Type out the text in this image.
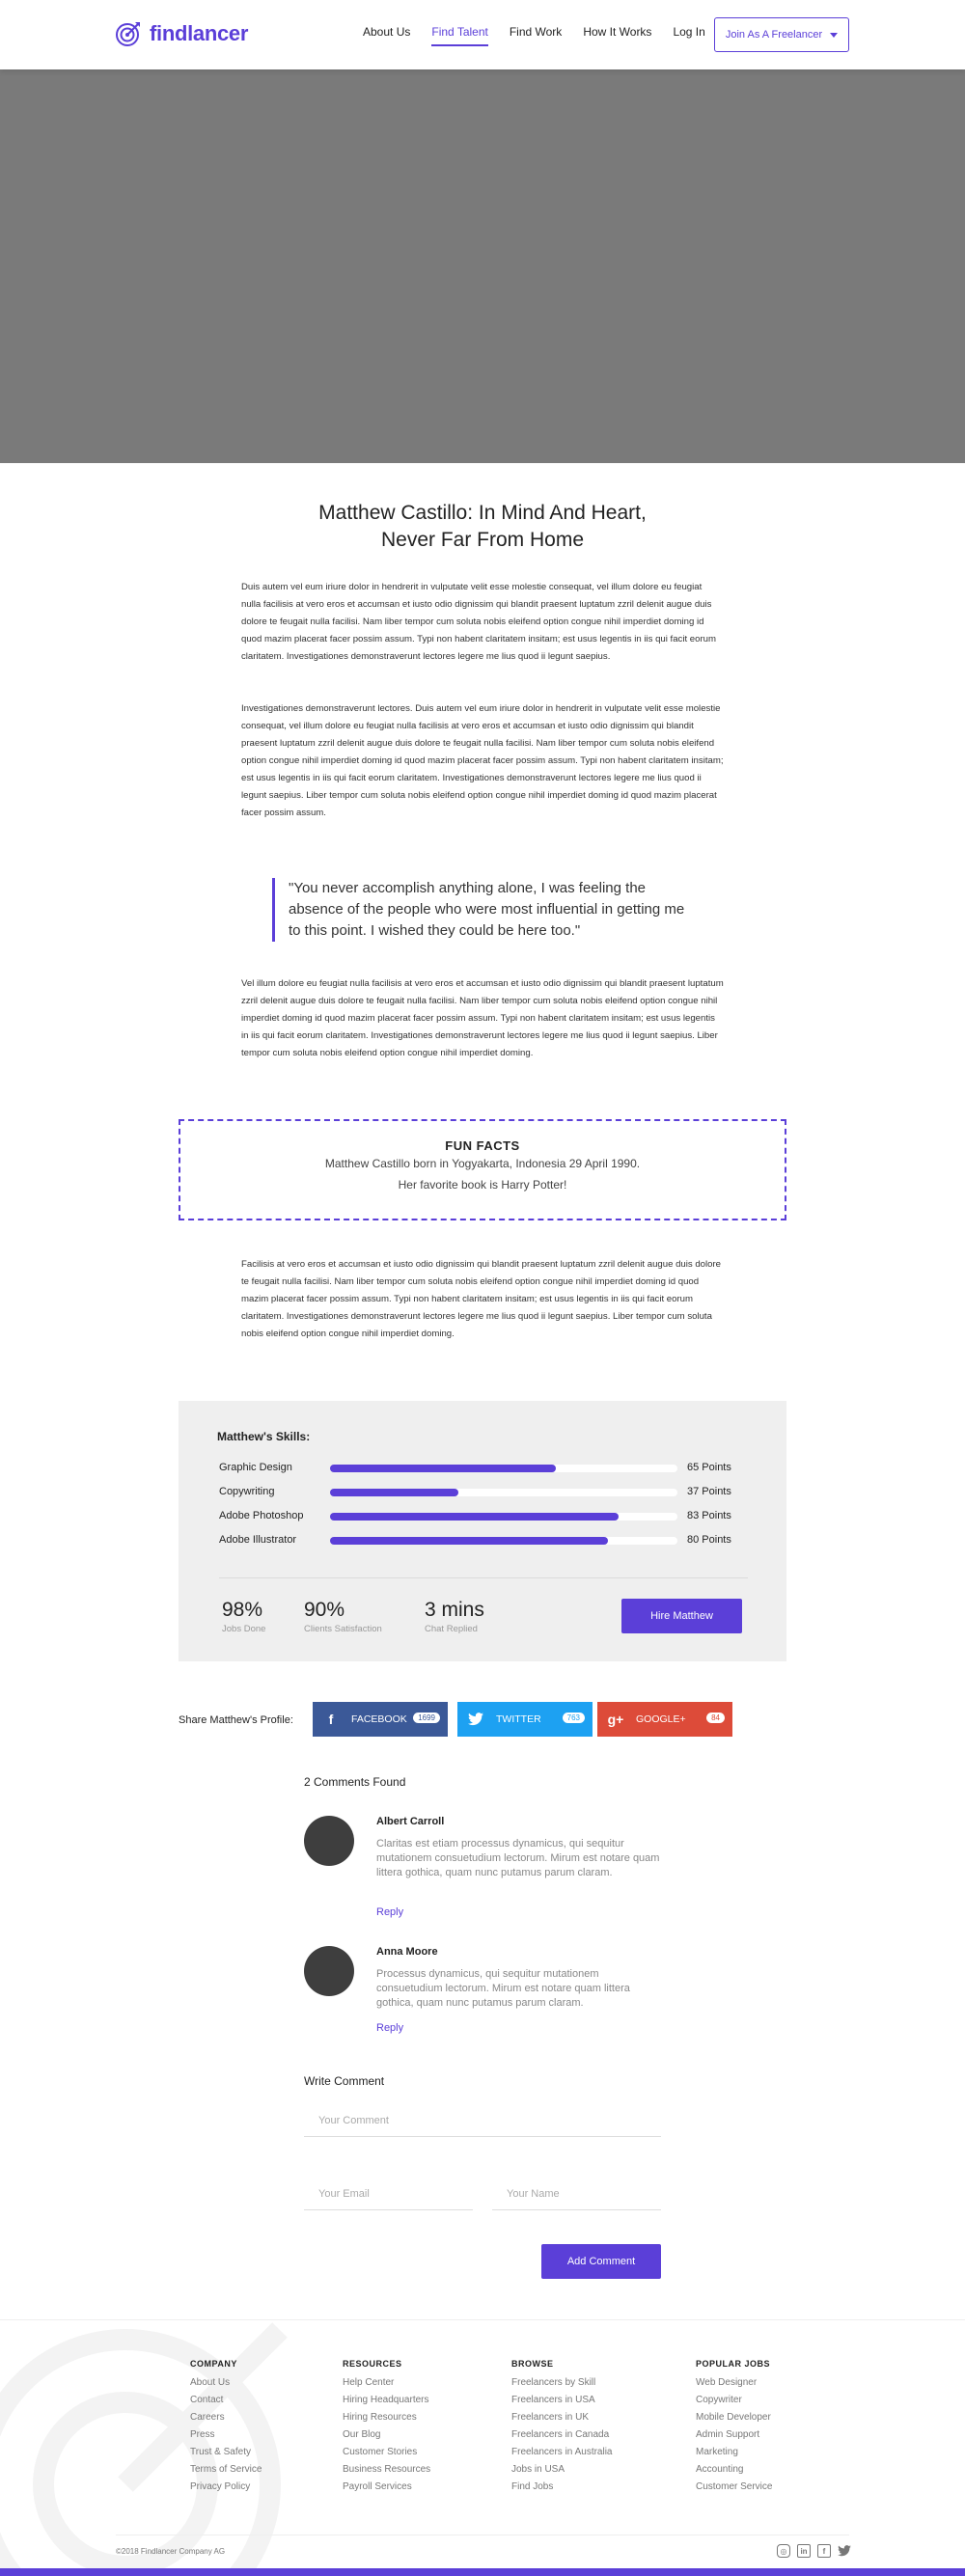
findlancer	About Us Find Talent Find Work How It Works Log In Join As A Freelancer
Matthew Castillo: In Mind And Heart,
Never Far From Home

Duis autem vel eum iriure dolor in hendrerit in vulputate velit esse molestie consequat, vel illum dolore eu feugiat nulla facilisis at vero eros et accumsan et iusto odio dignissim qui blandit praesent luptatum zzril delenit augue duis dolore te feugait nulla facilisi. Nam liber tempor cum soluta nobis eleifend option congue nihil imperdiet doming id quod mazim placerat facer possim assum. Typi non habent claritatem insitam; est usus legentis in iis qui facit eorum claritatem. Investigationes demonstraverunt lectores legere me lius quod ii legunt saepius.

Investigationes demonstraverunt lectores. Duis autem vel eum iriure dolor in hendrerit in vulputate velit esse molestie consequat, vel illum dolore eu feugiat nulla facilisis at vero eros et accumsan et iusto odio dignissim qui blandit praesent luptatum zzril delenit augue duis dolore te feugait nulla facilisi. Nam liber tempor cum soluta nobis eleifend option congue nihil imperdiet doming id quod mazim placerat facer possim assum. Typi non habent claritatem insitam; est usus legentis in iis qui facit eorum claritatem. Investigationes demonstraverunt lectores legere me lius quod ii legunt saepius. Liber tempor cum soluta nobis eleifend option congue nihil imperdiet doming id quod mazim placerat facer possim assum.

"You never accomplish anything alone, I was feeling the absence of the people who were most influential in getting me to this point. I wished they could be here too."

Vel illum dolore eu feugiat nulla facilisis at vero eros et accumsan et iusto odio dignissim qui blandit praesent luptatum zzril delenit augue duis dolore te feugait nulla facilisi. Nam liber tempor cum soluta nobis eleifend option congue nihil imperdiet doming id quod mazim placerat facer possim assum. Typi non habent claritatem insitam; est usus legentis in iis qui facit eorum claritatem. Investigationes demonstraverunt lectores legere me lius quod ii legunt saepius. Liber tempor cum soluta nobis eleifend option congue nihil imperdiet doming.

FUN FACTS
Matthew Castillo born in Yogyakarta, Indonesia 29 April 1990.
Her favorite book is Harry Potter!

Facilisis at vero eros et accumsan et iusto odio dignissim qui blandit praesent luptatum zzril delenit augue duis dolore te feugait nulla facilisi. Nam liber tempor cum soluta nobis eleifend option congue nihil imperdiet doming id quod mazim placerat facer possim assum. Typi non habent claritatem insitam; est usus legentis in iis qui facit eorum claritatem. Investigationes demonstraverunt lectores legere me lius quod ii legunt saepius. Liber tempor cum soluta nobis eleifend option congue nihil imperdiet doming.

Matthew's Skills:
Graphic Design	65 Points
Copywriting	37 Points
Adobe Photoshop	83 Points
Adobe Illustrator	80 Points
98%
Jobs Done
90%
Clients Satisfaction
3 mins
Chat Replied
Hire Matthew
Share Matthew's Profile:	f	FACEBOOK	1699	TWITTER	763	g+ GOOGLE+	84
2 Comments Found
Albert Carroll
Claritas est etiam processus dynamicus, qui sequitur mutationem consuetudium lectorum. Mirum est notare quam littera gothica, quam nunc putamus parum claram.
Reply
Anna Moore
Processus dynamicus, qui sequitur mutationem consuetudium lectorum. Mirum est notare quam littera gothica, quam nunc putamus parum claram.
Reply
Write Comment
Your Comment
Your Email	Your Name
Add Comment
COMPANY
About Us
Contact
Careers
Press
Trust & Safety
Terms of Service
Privacy Policy
RESOURCES
Help Center
Hiring Headquarters
Hiring Resources
Our Blog
Customer Stories
Business Resources
Payroll Services
BROWSE
Freelancers by Skill
Freelancers in USA
Freelancers in UK
Freelancers in Canada
Freelancers in Australia
Jobs in USA
Find Jobs
POPULAR JOBS
Web Designer
Copywriter
Mobile Developer
Admin Support
Marketing
Accounting
Customer Service
©2018 Findlancer Company AG	◎	in	f
